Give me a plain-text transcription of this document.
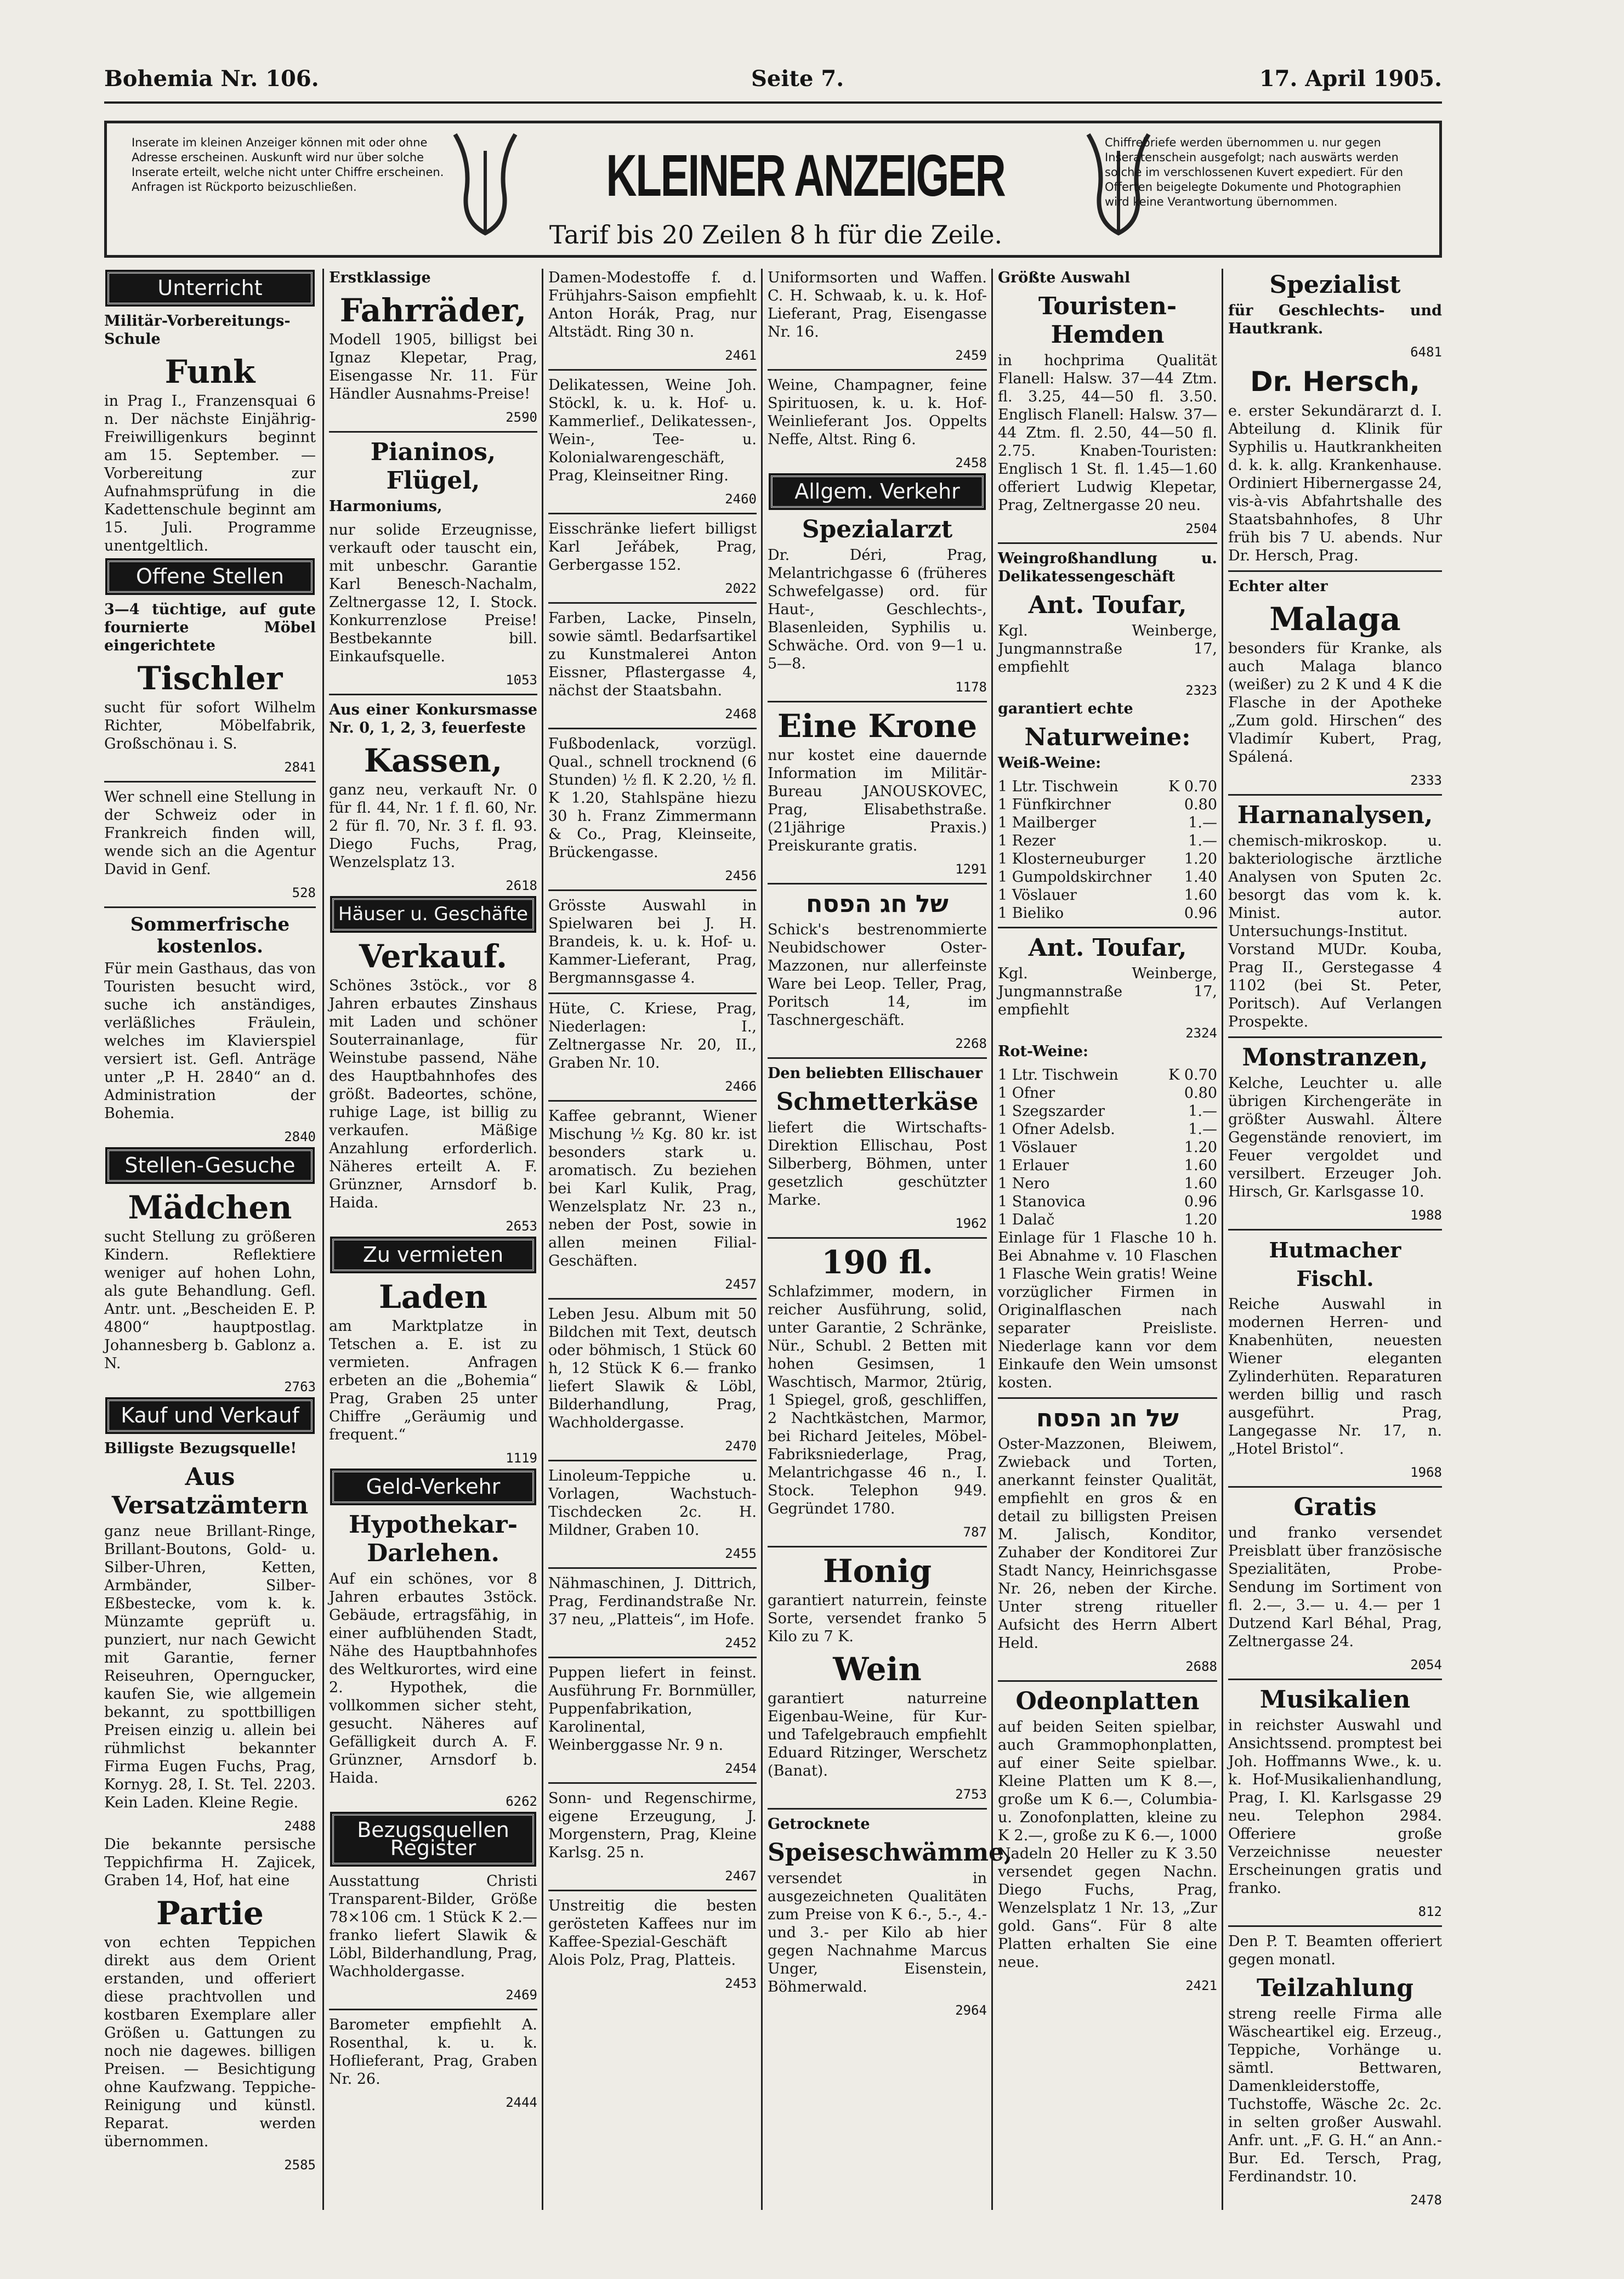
Bohemia Nr. 106.	Seite 7.	17. April 1905.
Inserate im kleinen Anzeiger können mit oder ohne Adresse erscheinen. Auskunft wird nur über solche Inserate erteilt, welche nicht unter Chiffre erscheinen. Anfragen ist Rückporto beizuschließen.	KLEINER ANZEIGER
Tarif bis 20 Zeilen 8 h für die Zeile.
Chiffrebriefe werden übernommen u. nur gegen Inseratenschein ausgefolgt; nach auswärts werden solche im verschlossenen Kuvert expediert. Für den Offerten beigelegte Dokumente und Photographien wird keine Verantwortung übernommen.
Unterricht

Militär-Vorbereitungs-Schule

Funk

in Prag I., Franzensquai 6 n. Der nächste Einjährig-Freiwilligenkurs beginnt am 15. September. — Vorbereitung zur Aufnahmsprüfung in die Kadettenschule beginnt am 15. Juli. Programme unentgeltlich.

Offene Stellen

3—4 tüchtige, auf gute fournierte Möbel eingerichtete

Tischler

sucht für sofort Wilhelm Richter, Möbelfabrik, Großschönau i. S.

2841

Wer schnell eine Stellung in der Schweiz oder in Frankreich finden will, wende sich an die Agentur David in Genf.

528
Sommerfrische kostenlos.

Für mein Gasthaus, das von Touristen besucht wird, suche ich anständiges, verläßliches Fräulein, welches im Klavierspiel versiert ist. Gefl. Anträge unter „P. H. 2840“ an d. Administration der Bohemia.

2840
Stellen-Gesuche
Mädchen

sucht Stellung zu größeren Kindern. Reflektiere weniger auf hohen Lohn, als gute Behandlung. Gefl. Antr. unt. „Bescheiden E. P. 4800“ hauptpostlag. Johannesberg b. Gablonz a. N.

2763
Kauf und Verkauf

Billigste Bezugsquelle!

Aus Versatzämtern

ganz neue Brillant-Ringe, Brillant-Boutons, Gold- u. Silber-Uhren, Ketten, Armbänder, Silber-Eßbestecke, vom k. k. Münzamte geprüft u. punziert, nur nach Gewicht mit Garantie, ferner Reiseuhren, Operngucker, kaufen Sie, wie allgemein bekannt, zu spottbilligen Preisen einzig u. allein bei rühmlichst bekannter Firma Eugen Fuchs, Prag, Kornyg. 28, I. St. Tel. 2203. Kein Laden. Kleine Regie.

2488

Die bekannte persische Teppichfirma H. Zajicek, Graben 14, Hof, hat eine

Partie

von echten Teppichen direkt aus dem Orient erstanden, und offeriert diese prachtvollen und kostbaren Exemplare aller Größen u. Gattungen zu noch nie dagewes. billigen Preisen. — Besichtigung ohne Kaufzwang. Teppiche-Reinigung und künstl. Reparat. werden übernommen.

2585

Erstklassige

Fahrräder,

Modell 1905, billigst bei Ignaz Klepetar, Prag, Eisengasse Nr. 11. Für Händler Ausnahms-Preise!

2590
Pianinos, Flügel,

Harmoniums,

nur solide Erzeugnisse, verkauft oder tauscht ein, mit unbeschr. Garantie Karl Benesch-Nachalm, Zeltnergasse 12, I. Stock. Konkurrenzlose Preise! Bestbekannte bill. Einkaufsquelle.

1053

Aus einer Konkursmasse Nr. 0, 1, 2, 3, feuerfeste

Kassen,

ganz neu, verkauft Nr. 0 für fl. 44, Nr. 1 f. fl. 60, Nr. 2 für fl. 70, Nr. 3 f. fl. 93. Diego Fuchs, Prag, Wenzelsplatz 13.

2618
Häuser u. Geschäfte
Verkauf.

Schönes 3stöck., vor 8 Jahren erbautes Zinshaus mit Laden und schöner Souterrainanlage, für Weinstube passend, Nähe des Hauptbahnhofes des größt. Badeortes, schöne, ruhige Lage, ist billig zu verkaufen. Mäßige Anzahlung erforderlich. Näheres erteilt A. F. Grünzner, Arnsdorf b. Haida.

2653
Zu vermieten
Laden

am Marktplatze in Tetschen a. E. ist zu vermieten. Anfragen erbeten an die „Bohemia“ Prag, Graben 25 unter Chiffre „Geräumig und frequent.“

1119
Geld-Verkehr
Hypothekar-Darlehen.

Auf ein schönes, vor 8 Jahren erbautes 3stöck. Gebäude, ertragsfähig, in einer aufblühenden Stadt, Nähe des Hauptbahnhofes des Weltkurortes, wird eine 2. Hypothek, die vollkommen sicher steht, gesucht. Näheres auf Gefälligkeit durch A. F. Grünzner, Arnsdorf b. Haida.

6262
Bezugsquellen Register

Ausstattung Christi Transparent-Bilder, Größe 78×106 cm. 1 Stück K 2.— franko liefert Slawik & Löbl, Bilderhandlung, Prag, Wachholdergasse.

2469

Barometer empfiehlt A. Rosenthal, k. u. k. Hoflieferant, Prag, Graben Nr. 26.

2444

Damen-Modestoffe f. d. Frühjahrs-Saison empfiehlt Anton Horák, Prag, nur Altstädt. Ring 30 n.

2461

Delikatessen, Weine Joh. Stöckl, k. u. k. Hof- u. Kammerlief., Delikatessen-, Wein-, Tee- u. Kolonialwarengeschäft, Prag, Kleinseitner Ring.

2460

Eisschränke liefert billigst Karl Jeřábek, Prag, Gerbergasse 152.

2022

Farben, Lacke, Pinseln, sowie sämtl. Bedarfsartikel zu Kunstmalerei Anton Eissner, Pflastergasse 4, nächst der Staatsbahn.

2468

Fußbodenlack, vorzügl. Qual., schnell trocknend (6 Stunden) ½ fl. K 2.20, ½ fl. K 1.20, Stahlspäne hiezu 30 h. Franz Zimmermann & Co., Prag, Kleinseite, Brückengasse.

2456

Grösste Auswahl in Spielwaren bei J. H. Brandeis, k. u. k. Hof- u. Kammer-Lieferant, Prag, Bergmannsgasse 4.

Hüte, C. Kriese, Prag, Niederlagen: I., Zeltnergasse Nr. 20, II., Graben Nr. 10.

2466

Kaffee gebrannt, Wiener Mischung ½ Kg. 80 kr. ist besonders stark u. aromatisch. Zu beziehen bei Karl Kulik, Prag, Wenzelsplatz Nr. 23 n., neben der Post, sowie in allen meinen Filial-Geschäften.

2457

Leben Jesu. Album mit 50 Bildchen mit Text, deutsch oder böhmisch, 1 Stück 60 h, 12 Stück K 6.— franko liefert Slawik & Löbl, Bilderhandlung, Prag, Wachholdergasse.

2470

Linoleum-Teppiche u. Vorlagen, Wachstuch-Tischdecken 2c. H. Mildner, Graben 10.

2455

Nähmaschinen, J. Dittrich, Prag, Ferdinandstraße Nr. 37 neu, „Platteis“, im Hofe.

2452

Puppen liefert in feinst. Ausführung Fr. Bornmüller, Puppenfabrikation, Karolinental, Weinberggasse Nr. 9 n.

2454

Sonn- und Regenschirme, eigene Erzeugung, J. Morgenstern, Prag, Kleine Karlsg. 25 n.

2467

Unstreitig die besten gerösteten Kaffees nur im Kaffee-Spezial-Geschäft Alois Polz, Prag, Platteis.

2453

Uniformsorten und Waffen. C. H. Schwaab, k. u. k. Hof-Lieferant, Prag, Eisengasse Nr. 16.

2459

Weine, Champagner, feine Spirituosen, k. u. k. Hof-Weinlieferant Jos. Oppelts Neffe, Altst. Ring 6.

2458
Allgem. Verkehr
Spezialarzt

Dr. Déri, Prag, Melantrichgasse 6 (früheres Schwefelgasse) ord. für Haut-, Geschlechts-, Blasenleiden, Syphilis u. Schwäche. Ord. von 9—1 u. 5—8.

1178
Eine Krone

nur kostet eine dauernde Information im Militär-Bureau JANOUSKOVEC, Prag, Elisabethstraße. (21jährige Praxis.) Preiskurante gratis.

1291
של חג הפסח

Schick's bestrenommierte Neubidschower Oster-Mazzonen, nur allerfeinste Ware bei Leop. Teller, Prag, Poritsch 14, im Taschnergeschäft.

2268

Den beliebten Ellischauer

Schmetterkäse

liefert die Wirtschafts-Direktion Ellischau, Post Silberberg, Böhmen, unter gesetzlich geschützter Marke.

1962
190 fl.

Schlafzimmer, modern, in reicher Ausführung, solid, unter Garantie, 2 Schränke, Nür., Schubl. 2 Betten mit hohen Gesimsen, 1 Waschtisch, Marmor, 2türig, 1 Spiegel, groß, geschliffen, 2 Nachtkästchen, Marmor, bei Richard Jeiteles, Möbel-Fabriksniederlage, Prag, Melantrichgasse 46 n., I. Stock. Telephon 949. Gegründet 1780.

787
Honig

garantiert naturrein, feinste Sorte, versendet franko 5 Kilo zu 7 K.

Wein

garantiert naturreine Eigenbau-Weine, für Kur- und Tafelgebrauch empfiehlt Eduard Ritzinger, Werschetz (Banat).

2753

Getrocknete

Speiseschwämme,

versendet in ausgezeichneten Qualitäten zum Preise von K 6.-, 5.-, 4.- und 3.- per Kilo ab hier gegen Nachnahme Marcus Unger, Eisenstein, Böhmerwald.

2964

Größte Auswahl

Touristen-Hemden

in hochprima Qualität Flanell: Halsw. 37—44 Ztm. fl. 3.25, 44—50 fl. 3.50. Englisch Flanell: Halsw. 37—44 Ztm. fl. 2.50, 44—50 fl. 2.75. Knaben-Touristen: Englisch 1 St. fl. 1.45—1.60 offeriert Ludwig Klepetar, Prag, Zeltnergasse 20 neu.

2504

Weingroßhandlung u. Delikatessengeschäft

Ant. Toufar,

Kgl. Weinberge, Jungmannstraße 17, empfiehlt

2323

garantiert echte

Naturweine:

Weiß-Weine:

1 Ltr. Tischwein	K 0.70
1 Fünfkirchner	0.80
1 Mailberger	1.—
1 Rezer	1.—
1 Klosterneuburger	1.20
1 Gumpoldskirchner 1.40
1 Vöslauer	1.60
1 Bieliko	0.96
Ant. Toufar,

Kgl. Weinberge, Jungmannstraße 17, empfiehlt

2324

Rot-Weine:

1 Ltr. Tischwein	K 0.70
1 Ofner	0.80
1 Szegszarder	1.—
1 Ofner Adelsb.	1.—
1 Vöslauer	1.20
1 Erlauer	1.60
1 Nero	1.60
1 Stanovica	0.96
1 Dalač	1.20

Einlage für 1 Flasche 10 h. Bei Abnahme v. 10 Flaschen 1 Flasche Wein gratis! Weine vorzüglicher Firmen in Originalflaschen nach separater Preisliste. Niederlage kann vor dem Einkaufe den Wein umsonst kosten.

של חג הפסח

Oster-Mazzonen, Bleiwem, Zwieback und Torten, anerkannt feinster Qualität, empfiehlt en gros & en detail zu billigsten Preisen M. Jalisch, Konditor, Zuhaber der Konditorei Zur Stadt Nancy, Heinrichsgasse Nr. 26, neben der Kirche. Unter streng ritueller Aufsicht des Herrn Albert Held.

2688
Odeonplatten

auf beiden Seiten spielbar, auch Grammophonplatten, auf einer Seite spielbar. Kleine Platten um K 8.—, große um K 6.—, Columbia- u. Zonofonplatten, kleine zu K 2.—, große zu K 6.—, 1000 Nadeln 20 Heller zu K 3.50 versendet gegen Nachn. Diego Fuchs, Prag, Wenzelsplatz 1 Nr. 13, „Zur gold. Gans“. Für 8 alte Platten erhalten Sie eine neue.

2421
Spezialist

für Geschlechts- und Hautkrank.

6481
Dr. Hersch,

e. erster Sekundärarzt d. I. Abteilung d. Klinik für Syphilis u. Hautkrankheiten d. k. k. allg. Krankenhause. Ordiniert Hibernergasse 24, vis-à-vis Abfahrtshalle des Staatsbahnhofes, 8 Uhr früh bis 7 U. abends. Nur Dr. Hersch, Prag.

Echter alter

Malaga

besonders für Kranke, als auch Malaga blanco (weißer) zu 2 K und 4 K die Flasche in der Apotheke „Zum gold. Hirschen“ des Vladimír Kubert, Prag, Spálená.

2333
Harnanalysen,

chemisch-mikroskop. u. bakteriologische ärztliche Analysen von Sputen 2c. besorgt das vom k. k. Minist. autor. Untersuchungs-Institut. Vorstand MUDr. Kouba, Prag II., Gerstegasse 4 1102 (bei St. Peter, Poritsch). Auf Verlangen Prospekte.

Monstranzen,

Kelche, Leuchter u. alle übrigen Kirchengeräte in größter Auswahl. Ältere Gegenstände renoviert, im Feuer vergoldet und versilbert. Erzeuger Joh. Hirsch, Gr. Karlsgasse 10.

1988
Hutmacher Fischl.

Reiche Auswahl in modernen Herren- und Knabenhüten, neuesten Wiener eleganten Zylinderhüten. Reparaturen werden billig und rasch ausgeführt. Prag, Langegasse Nr. 17, n. „Hotel Bristol“.

1968
Gratis

und franko versendet Preisblatt über französische Spezialitäten, Probe-Sendung im Sortiment von fl. 2.—, 3.— u. 4.— per 1 Dutzend Karl Béhal, Prag, Zeltnergasse 24.

2054
Musikalien

in reichster Auswahl und Ansichtssend. promptest bei Joh. Hoffmanns Wwe., k. u. k. Hof-Musikalienhandlung, Prag, I. Kl. Karlsgasse 29 neu. Telephon 2984. Offeriere große Verzeichnisse neuester Erscheinungen gratis und franko.

812

Den P. T. Beamten offeriert gegen monatl.

Teilzahlung

streng reelle Firma alle Wäscheartikel eig. Erzeug., Teppiche, Vorhänge u. sämtl. Bettwaren, Damenkleiderstoffe, Tuchstoffe, Wäsche 2c. 2c. in selten großer Auswahl. Anfr. unt. „F. G. H.“ an Ann.-Bur. Ed. Tersch, Prag, Ferdinandstr. 10.

2478
